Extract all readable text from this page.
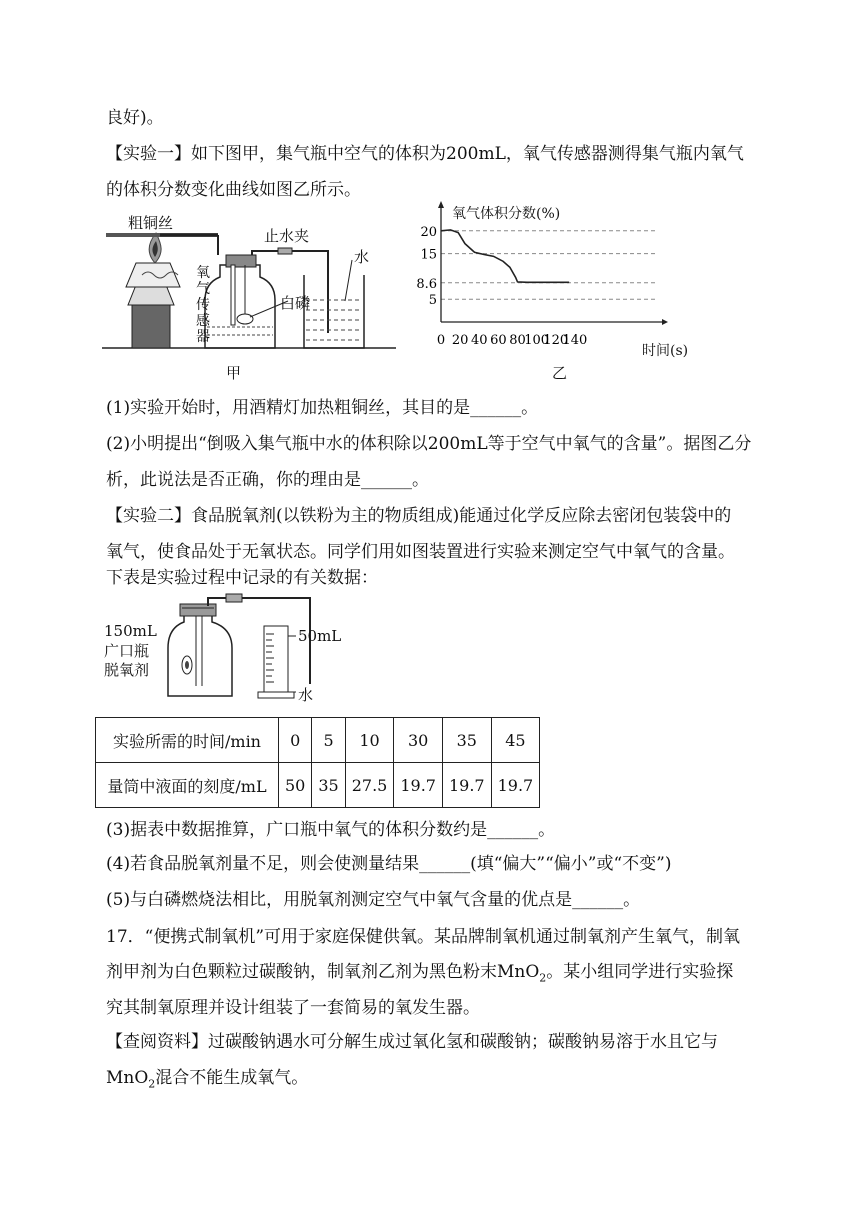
良好)。
【实验一】如下图甲，集气瓶中空气的体积为200mL，氧气传感器测得集气瓶内氧气
的体积分数变化曲线如图乙所示。
粗铜丝
止水夹
水
白磷
氧
气
传
感
器
甲
5
8.6
15
20
0 20 40 60 80
100
120
140
氧气体积分数(%)
时间(s)
乙
(1)实验开始时，用酒精灯加热粗铜丝，其目的是______。
(2)小明提出“倒吸入集气瓶中水的体积除以200mL等于空气中氧气的含量”。据图乙分
析，此说法是否正确，你的理由是______。
【实验二】食品脱氧剂(以铁粉为主的物质组成)能通过化学反应除去密闭包装袋中的
氧气，使食品处于无氧状态。同学们用如图装置进行实验来测定空气中氧气的含量。
下表是实验过程中记录的有关数据：
150mL
广口瓶
脱氧剂
50mL
水
实验所需的时间/min	0	5	10	30	35	45
量筒中液面的刻度/mL	50	35	27.5	19.7	19.7	19.7
(3)据表中数据推算，广口瓶中氧气的体积分数约是______。
(4)若食品脱氧剂量不足，则会使测量结果______(填“偏大”“偏小”或“不变”)
(5)与白磷燃烧法相比，用脱氧剂测定空气中氧气含量的优点是______。
17．“便携式制氧机”可用于家庭保健供氧。某品牌制氧机通过制氧剂产生氧气，制氧
剂甲剂为白色颗粒过碳酸钠，制氧剂乙剂为黑色粉末MnO$_2$。某小组同学进行实验探
究其制氧原理并设计组装了一套简易的氧发生器。
【查阅资料】过碳酸钠遇水可分解生成过氧化氢和碳酸钠；碳酸钠易溶于水且它与
MnO$_2$混合不能生成氧气。
